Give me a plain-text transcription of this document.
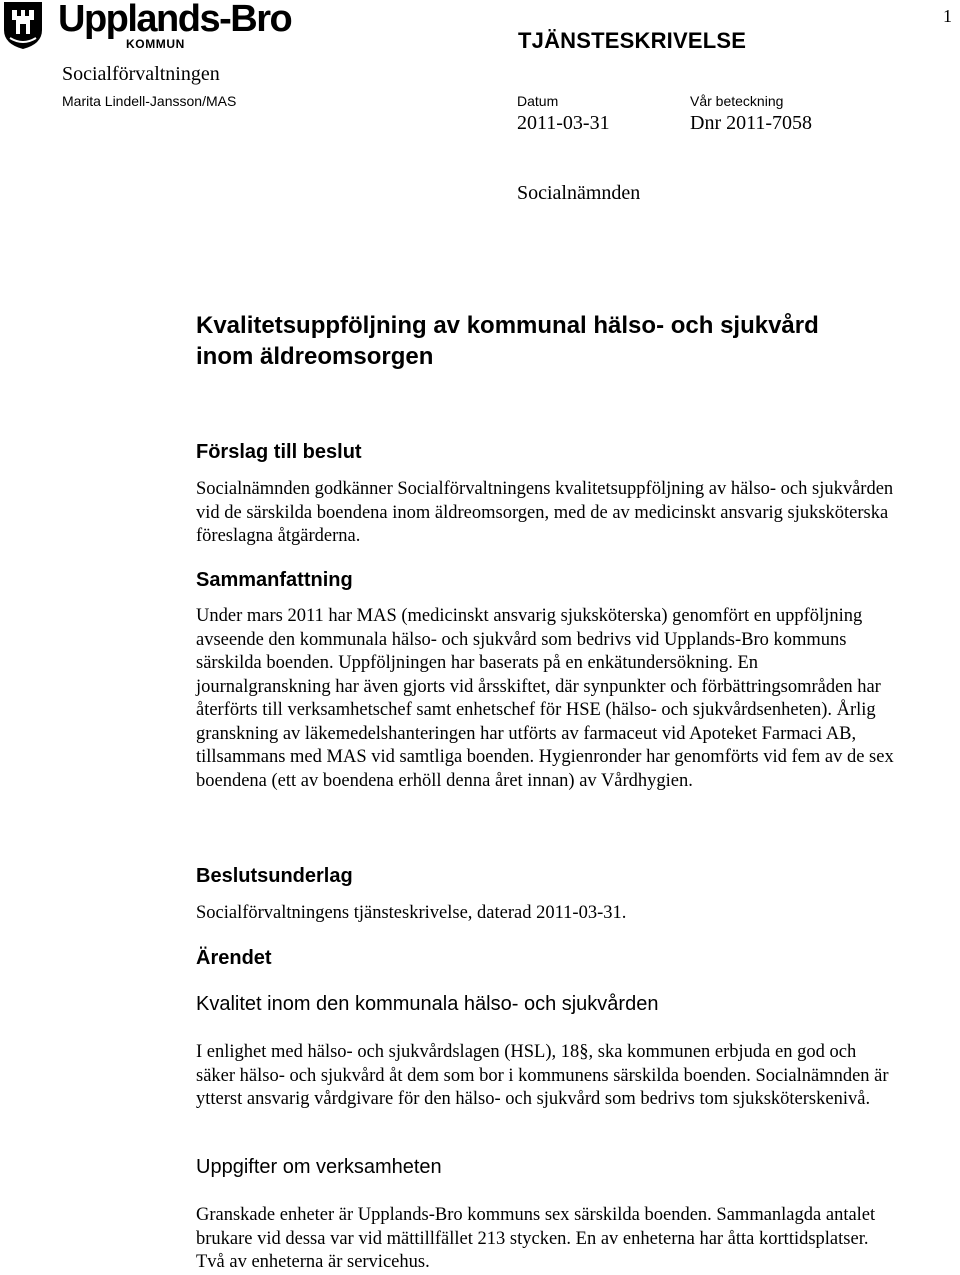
Upplands-Bro
KOMMUN
1
TJÄNSTESKRIVELSE
Socialförvaltningen
Marita Lindell-Jansson/MAS	Datum
2011-03-31
Vår beteckning
Dnr 2011-7058
Socialnämnden
Kvalitetsuppföljning av kommunal hälso- och sjukvård
inom äldreomsorgen
Förslag till beslut

Socialnämnden godkänner Socialförvaltningens kvalitetsuppföljning av hälso- och sjukvården vid de särskilda boendena inom äldreomsorgen, med de av medicinskt ansvarig sjuksköterska föreslagna åtgärderna.

Sammanfattning

Under mars 2011 har MAS (medicinskt ansvarig sjuksköterska) genomfört en uppföljning avseende den kommunala hälso- och sjukvård som bedrivs vid Upplands-Bro kommuns särskilda boenden. Uppföljningen har baserats på en enkätundersökning. En journalgranskning har även gjorts vid årsskiftet, där synpunkter och förbättringsområden har återförts till verksamhetschef samt enhetschef för HSE (hälso- och sjukvårdsenheten). Årlig granskning av läkemedelshanteringen har utförts av farmaceut vid Apoteket Farmaci AB, tillsammans med MAS vid samtliga boenden. Hygienronder har genomförts vid fem av de sex boendena (ett av boendena erhöll denna året innan) av Vårdhygien.

Beslutsunderlag

Socialförvaltningens tjänsteskrivelse, daterad 2011-03-31.

Ärendet
Kvalitet inom den kommunala hälso- och sjukvården

I enlighet med hälso- och sjukvårdslagen (HSL), 18§, ska kommunen erbjuda en god och säker hälso- och sjukvård åt dem som bor i kommunens särskilda boenden. Socialnämnden är ytterst ansvarig vårdgivare för den hälso- och sjukvård som bedrivs tom sjuksköterskenivå.

Uppgifter om verksamheten

Granskade enheter är Upplands-Bro kommuns sex särskilda boenden. Sammanlagda antalet brukare vid dessa var vid mättillfället 213 stycken. En av enheterna har åtta korttidsplatser. Två av enheterna är servicehus.
